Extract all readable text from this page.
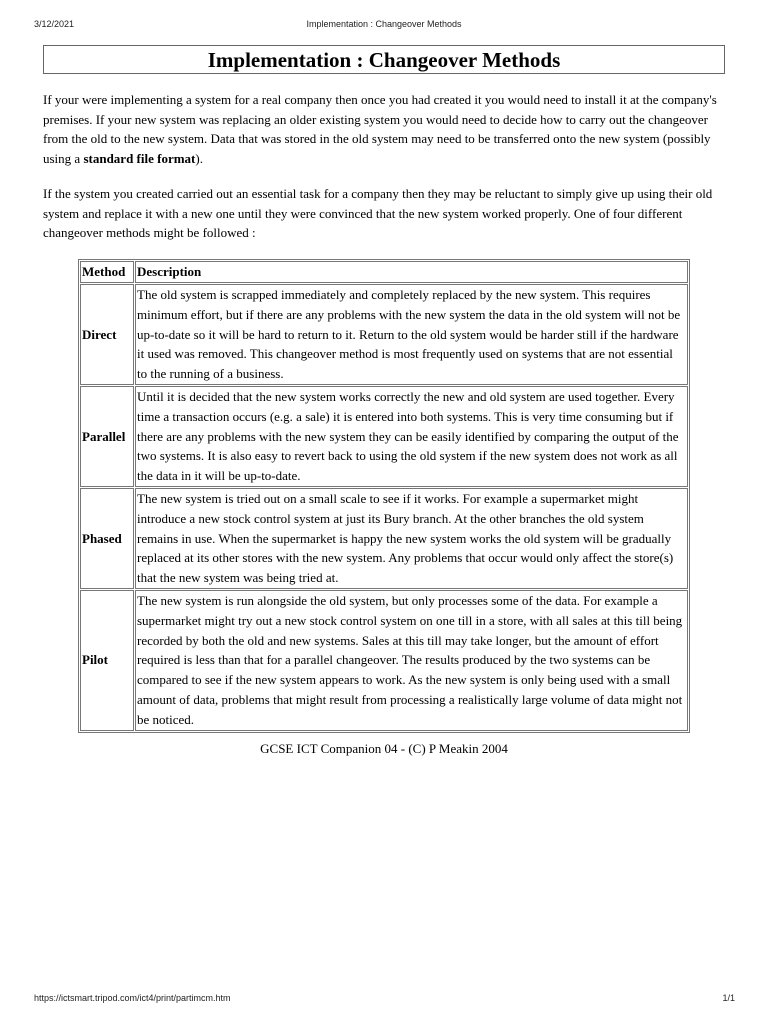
3/12/2021	Implementation : Changeover Methods
Implementation : Changeover Methods

If your were implementing a system for a real company then once you had created it you would need to install it at the company's premises. If your new system was replacing an older existing system you would need to decide how to carry out the changeover from the old to the new system. Data that was stored in the old system may need to be transferred onto the new system (possibly using a standard file format).

If the system you created carried out an essential task for a company then they may be reluctant to simply give up using their old system and replace it with a new one until they were convinced that the new system worked properly. One of four different changeover methods might be followed :

Method	Description
Direct	The old system is scrapped immediately and completely replaced by the new system. This requires minimum effort, but if there are any problems with the new system the data in the old system will not be up-to-date so it will be hard to return to it. Return to the old system would be harder still if the hardware it used was removed. This changeover method is most frequently used on systems that are not essential to the running of a business.
Parallel	Until it is decided that the new system works correctly the new and old system are used together. Every time a transaction occurs (e.g. a sale) it is entered into both systems. This is very time consuming but if there are any problems with the new system they can be easily identified by comparing the output of the two systems. It is also easy to revert back to using the old system if the new system does not work as all the data in it will be up-to-date.
Phased	The new system is tried out on a small scale to see if it works. For example a supermarket might introduce a new stock control system at just its Bury branch. At the other branches the old system remains in use. When the supermarket is happy the new system works the old system will be gradually replaced at its other stores with the new system. Any problems that occur would only affect the store(s) that the new system was being tried at.
Pilot	The new system is run alongside the old system, but only processes some of the data. For example a supermarket might try out a new stock control system on one till in a store, with all sales at this till being recorded by both the old and new systems. Sales at this till may take longer, but the amount of effort required is less than that for a parallel changeover. The results produced by the two systems can be compared to see if the new system appears to work. As the new system is only being used with a small amount of data, problems that might result from processing a realistically large volume of data might not be noticed.
GCSE ICT Companion 04 - (C) P Meakin 2004
https://ictsmart.tripod.com/ict4/print/partimcm.htm	1/1
